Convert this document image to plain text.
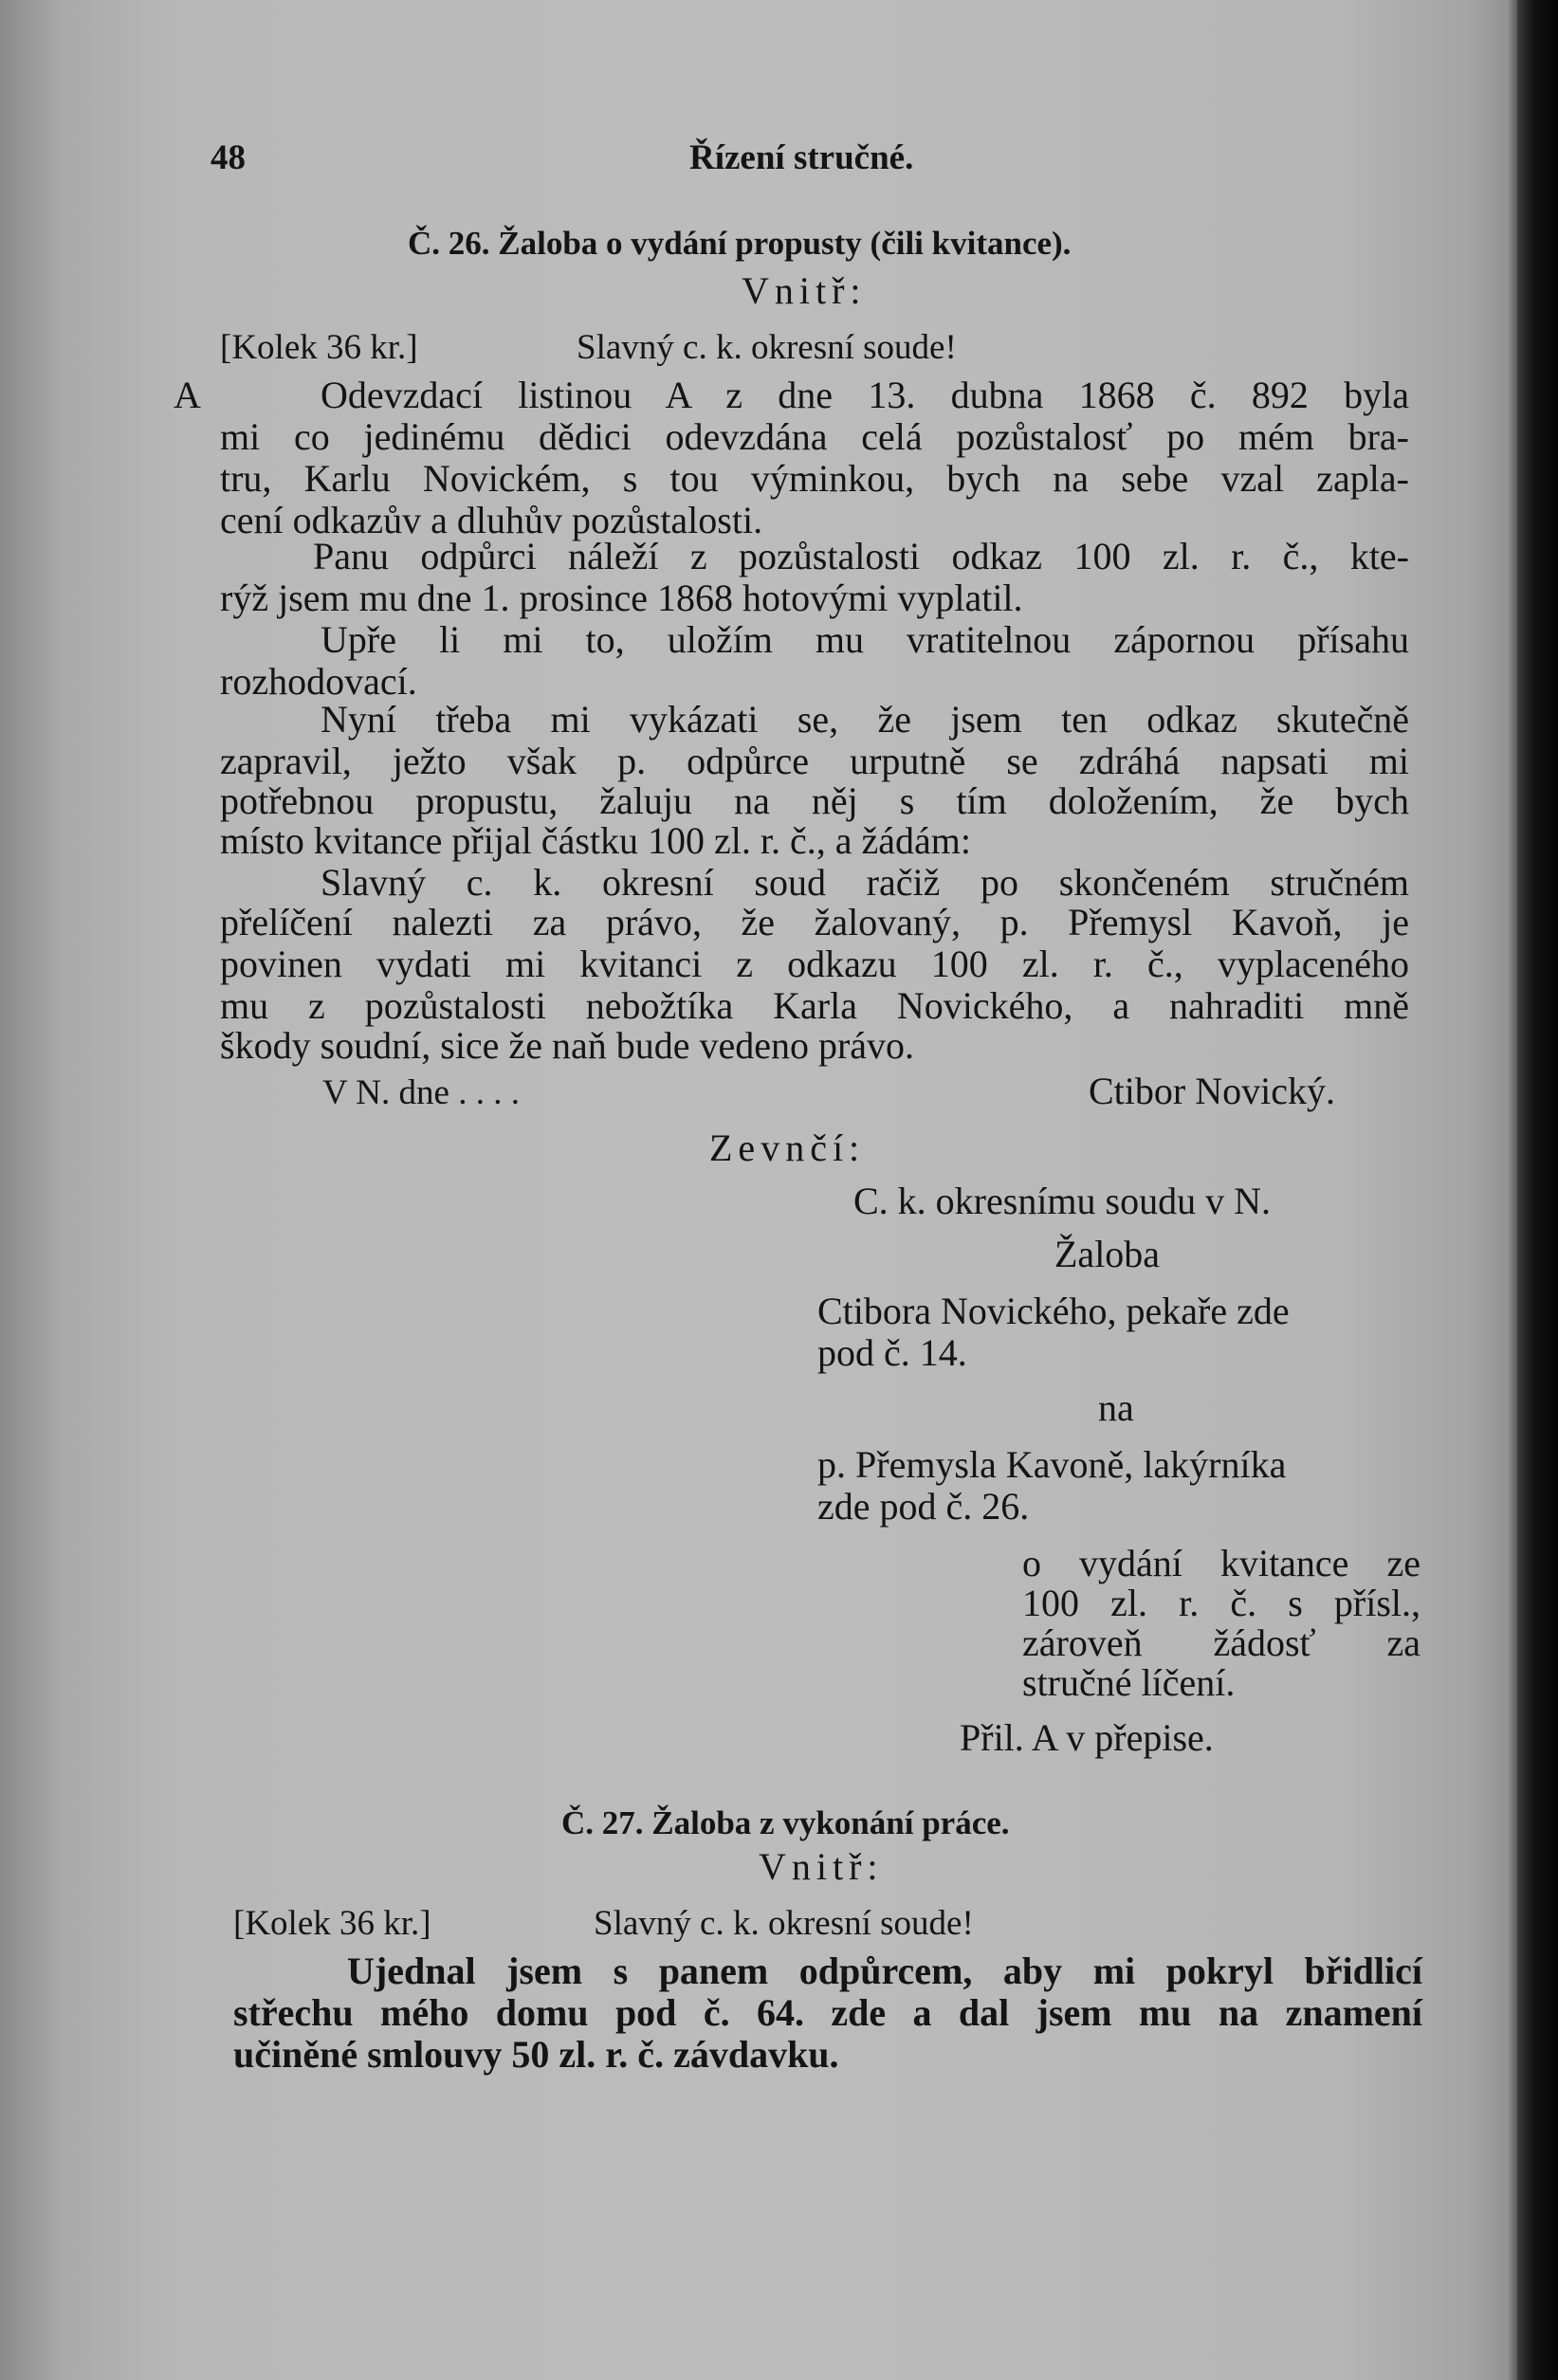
48	Řízení stručné.
Č. 26. Žaloba o vydání propusty (čili kvitance).
Vnitř:
[Kolek 36 kr.]	Slavný c. k. okresní soude!
A	Odevzdací listinou A z dne 13. dubna 1868 č. 892 byla
mi co jedinému dědici odevzdána celá pozůstalosť po mém bra-
tru, Karlu Novickém, s tou výminkou, bych na sebe vzal zapla-
cení odkazův a dluhův pozůstalosti.
Panu odpůrci náleží z pozůstalosti odkaz 100 zl. r. č., kte-
rýž jsem mu dne 1. prosince 1868 hotovými vyplatil.
Upře li mi to, uložím mu vratitelnou zápornou přísahu
rozhodovací.
Nyní třeba mi vykázati se, že jsem ten odkaz skutečně
zapravil, ježto však p. odpůrce urputně se zdráhá napsati mi
potřebnou propustu, žaluju na něj s tím doložením, že bych
místo kvitance přijal částku 100 zl. r. č., a žádám:
Slavný c. k. okresní soud račiž po skončeném stručném
přelíčení nalezti za právo, že žalovaný, p. Přemysl Kavoň, je
povinen vydati mi kvitanci z odkazu 100 zl. r. č., vyplaceného
mu z pozůstalosti nebožtíka Karla Novického, a nahraditi mně
škody soudní, sice že naň bude vedeno právo.
V N. dne . . . .	Ctibor Novický.
Zevnčí:
C. k. okresnímu soudu v N.
Žaloba
Ctibora Novického, pekaře zde
pod č. 14.
na
p. Přemysla Kavoně, lakýrníka
zde pod č. 26.
o vydání kvitance ze
100 zl. r. č. s přísl.,
zároveň žádosť za
stručné líčení.
Přil. A v přepise.
Č. 27. Žaloba z vykonání práce.
Vnitř:
[Kolek 36 kr.]	Slavný c. k. okresní soude!
Ujednal jsem s panem odpůrcem, aby mi pokryl břidlicí
střechu mého domu pod č. 64. zde a dal jsem mu na znamení
učiněné smlouvy 50 zl. r. č. závdavku.
